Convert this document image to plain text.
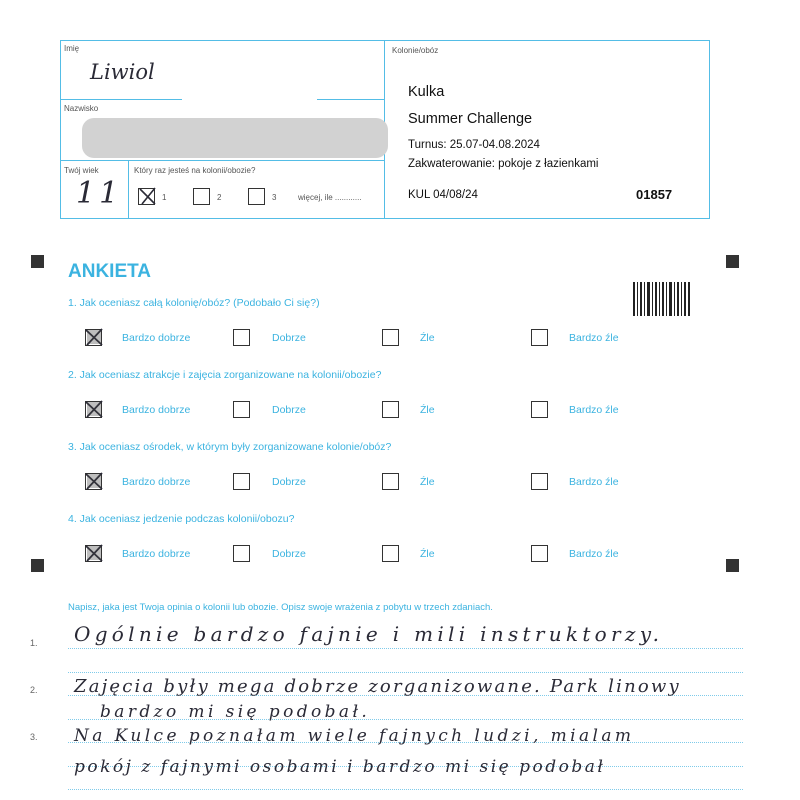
Imię
Liwiol
Nazwisko
Twój wiek
11
Który raz jesteś na kolonii/obozie?
1	2	3	więcej, ile ............
Kolonie/obóz
Kulka
Summer Challenge
Turnus: 25.07-04.08.2024
Zakwaterowanie: pokoje z łazienkami
KUL 04/08/24	01857
ANKIETA
1. Jak oceniasz całą kolonię/obóz? (Podobało Ci się?)
Bardzo dobrze	Dobrze	Źle	Bardzo źle
2. Jak oceniasz atrakcje i zajęcia zorganizowane na kolonii/obozie?
Bardzo dobrze	Dobrze	Źle	Bardzo źle
3. Jak oceniasz ośrodek, w którym były zorganizowane kolonie/obóz?
Bardzo dobrze	Dobrze	Źle	Bardzo źle
4. Jak oceniasz jedzenie podczas kolonii/obozu?
Bardzo dobrze	Dobrze	Źle	Bardzo źle
Napisz, jaka jest Twoja opinia o kolonii lub obozie. Opisz swoje wrażenia z pobytu w trzech zdaniach.
1.
2.
3.
Ogólnie bardzo fajnie i mili instruktorzy.
Zajęcia były mega dobrze zorganizowane. Park linowy
bardzo mi się podobał.
Na Kulce poznałam wiele fajnych ludzi, mialam
pokój z fajnymi osobami i bardzo mi się podobał
